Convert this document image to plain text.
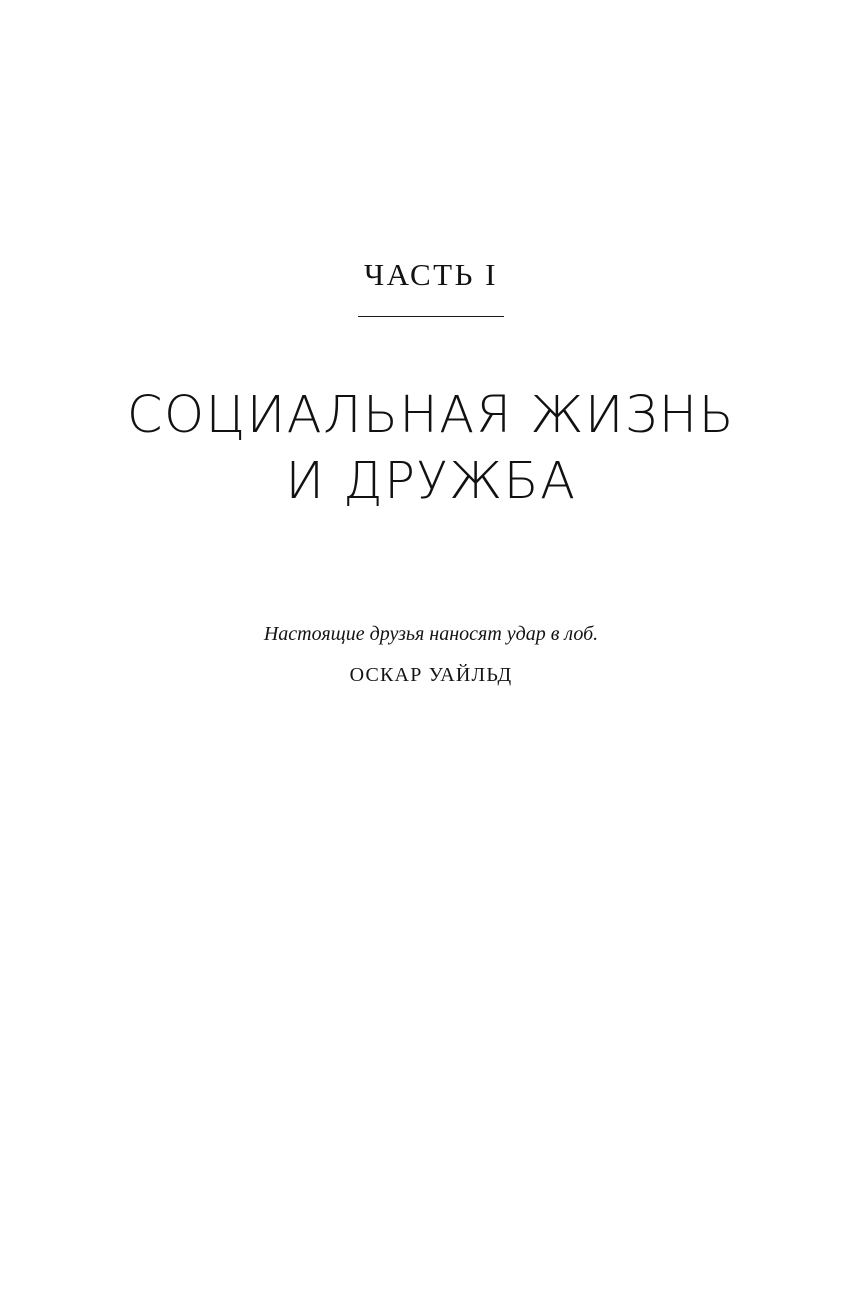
ЧАСТЬ I
СОЦИАЛЬНАЯ ЖИЗНЬ
И ДРУЖБА
Настоящие друзья наносят удар в лоб.
ОСКАР УАЙЛЬД
